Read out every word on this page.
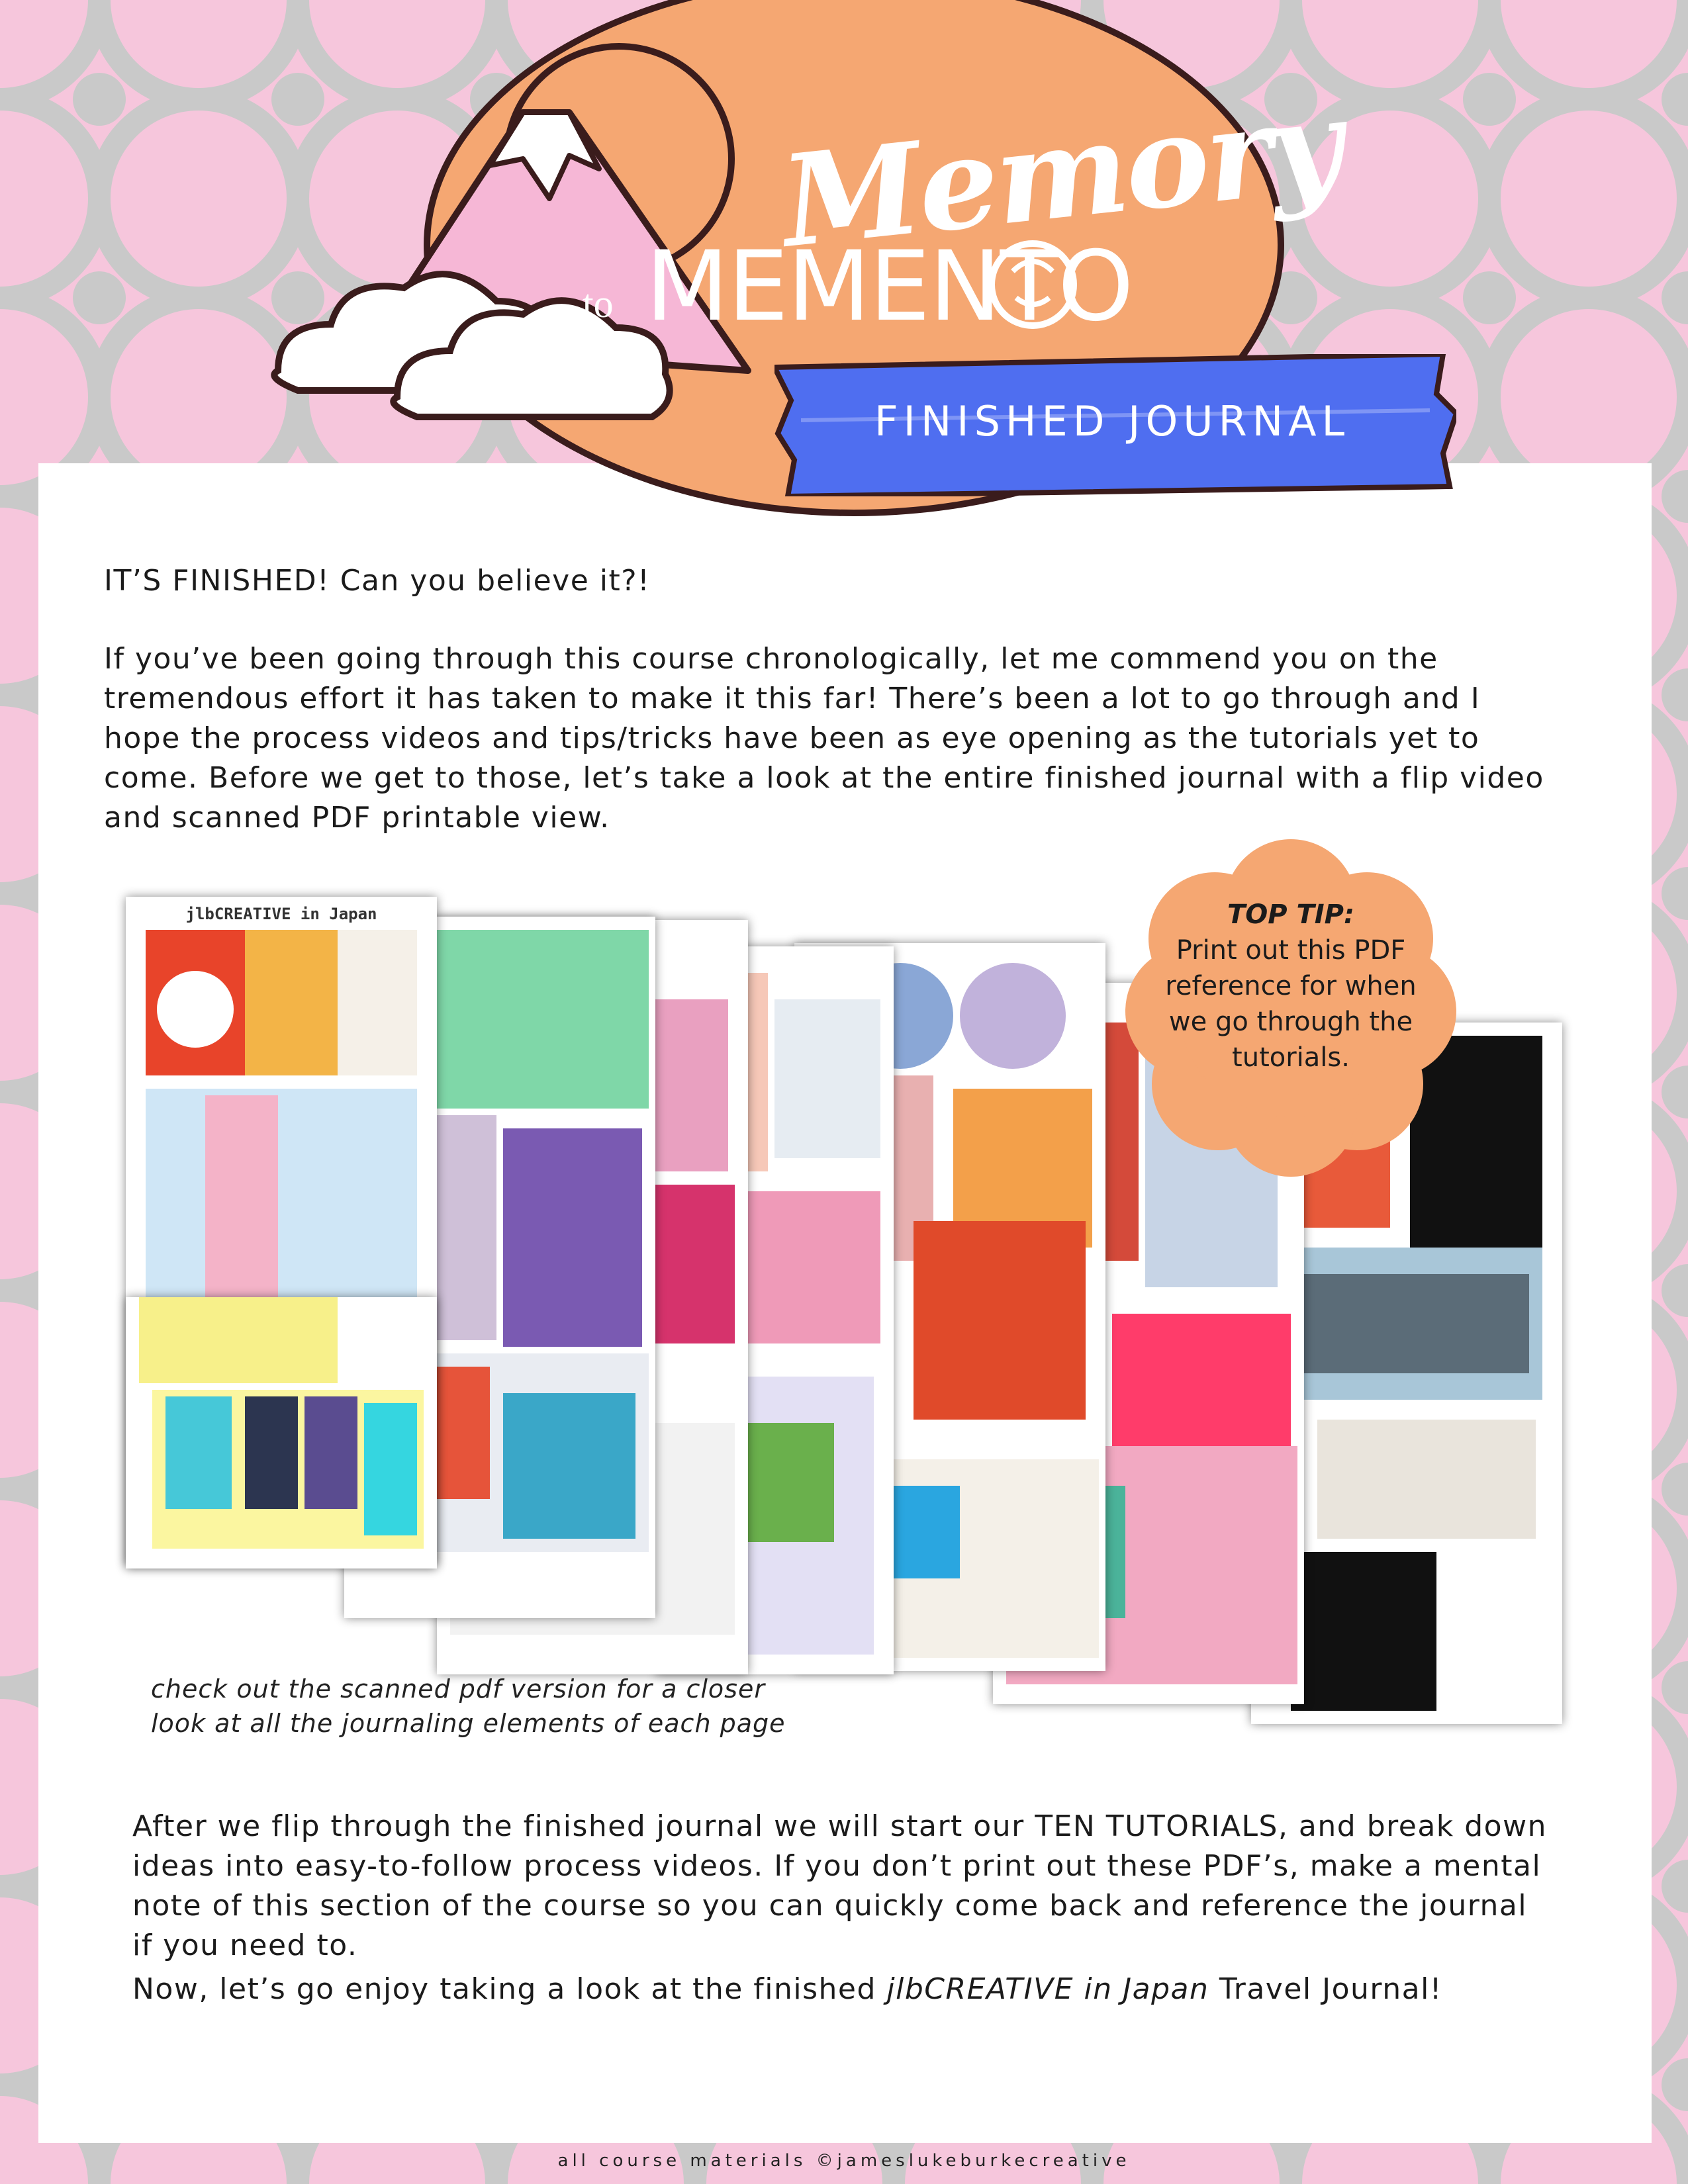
Memory
to MEMENTO
FINISHED JOURNAL
IT’S FINISHED! Can you believe it?!
If you’ve been going through this course chronologically, let me commend you on the tremendous effort it has taken to make it this far! There’s been a lot to go through and I hope the process videos and tips/tricks have been as eye opening as the tutorials yet to come. Before we get to those, let’s take a look at the entire finished journal with a flip video and scanned PDF printable view.
jlbCREATIVE in Japan
check out the scanned pdf version for a closer
look at all the journaling elements of each page
TOP TIP:
Print out this PDF reference for when we go through the tutorials.
After we flip through the finished journal we will start our TEN TUTORIALS, and break down ideas into easy-to-follow process videos. If you don’t print out these PDF’s, make a mental note of this section of the course so you can quickly come back and reference the journal if you need to.
Now, let’s go enjoy taking a look at the finished jlbCREATIVE in Japan Travel Journal!
all course materials ©jameslukeburkecreative
